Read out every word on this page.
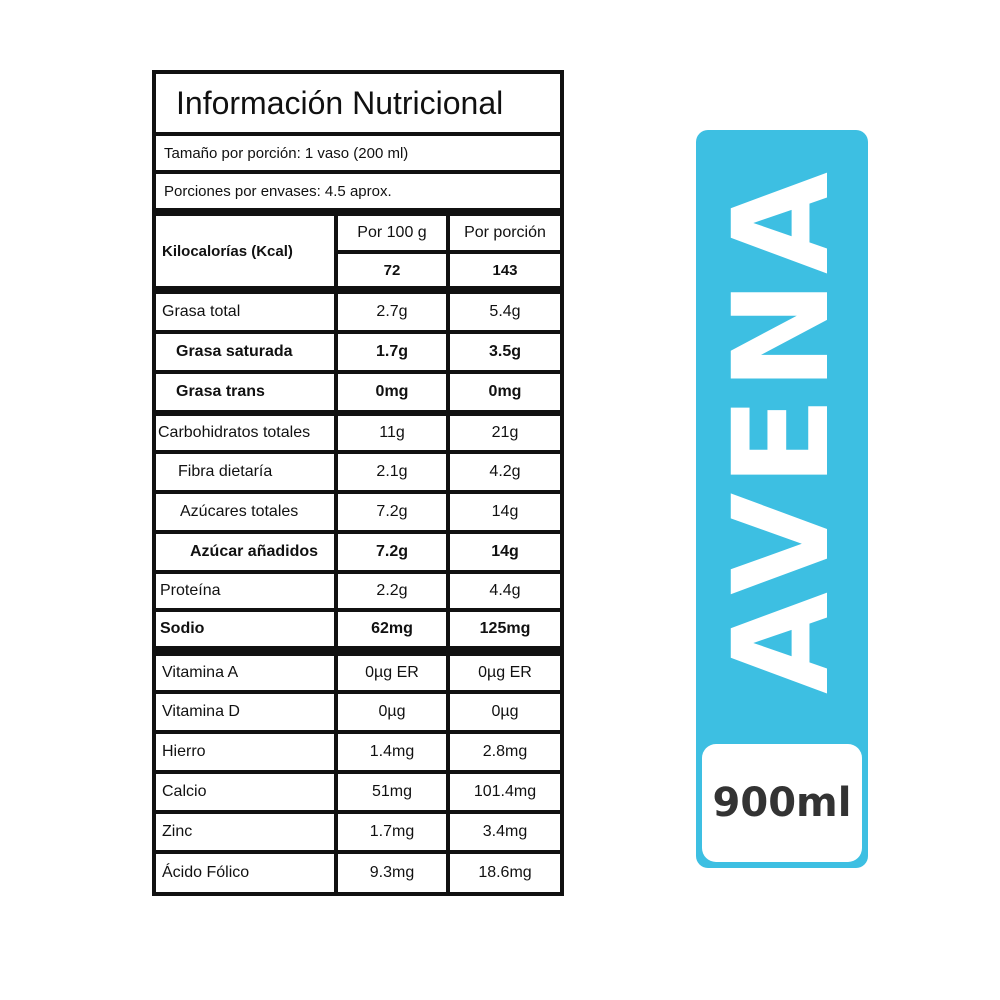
Información Nutricional
Tamaño por porción: 1 vaso (200 ml)
Porciones por envases: 4.5 aprox.
Kilocalorías (Kcal)
Por 100 g	Por porción
72	143
Grasa total	2.7g	5.4g
Grasa saturada	1.7g	3.5g
Grasa trans	0mg	0mg
Carbohidratos totales	11g	21g
Fibra dietaría	2.1g	4.2g
Azúcares totales	7.2g	14g
Azúcar añadidos	7.2g	14g
Proteína	2.2g	4.4g
Sodio	62mg	125mg
Vitamina A	0µg ER	0µg ER
Vitamina D	0µg	0µg
Hierro	1.4mg	2.8mg
Calcio	51mg	101.4mg
Zinc	1.7mg	3.4mg
Ácido Fólico	9.3mg	18.6mg
AVENA
900ml
